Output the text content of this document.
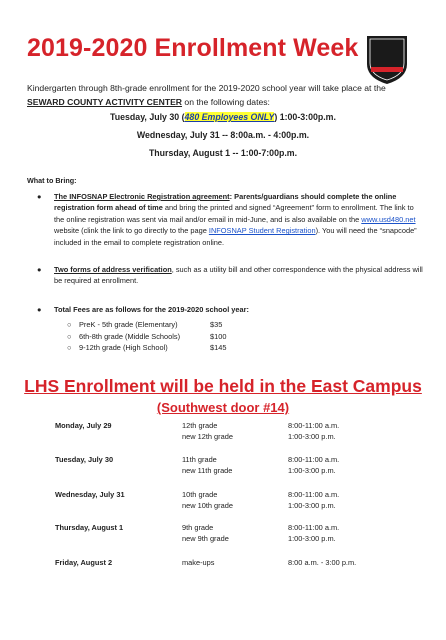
2019-2020 Enrollment Week
Kindergarten through 8th-grade enrollment for the 2019-2020 school year will take place at the SEWARD COUNTY ACTIVITY CENTER on the following dates:
Tuesday, July 30 (480 Employees ONLY) 1:00-3:00p.m.
Wednesday, July 31 -- 8:00a.m. - 4:00p.m.
Thursday, August 1 -- 1:00-7:00p.m.
What to Bring:
● The INFOSNAP Electronic Registration agreement: Parents/guardians should complete the online registration form ahead of time and bring the printed and signed “Agreement” form to enrollment. The link to the online registration was sent via mail and/or email in mid-June, and is also available on the www.usd480.net website (clink the link to go directly to the page INFOSNAP Student Registration). You will need the “snapcode” included in the email to complete registration online.
● Two forms of address verification, such as a utility bill and other correspondence with the physical address will be required at enrollment.
● Total Fees are as follows for the 2019-2020 school year:
○ PreK - 5th grade (Elementary)	$35
○ 6th-8th grade (Middle Schools)	$100
○ 9-12th grade (High School)	$145
LHS Enrollment will be held in the East Campus
(Southwest door #14)
Monday, July 29	12th grade	8:00-11:00 a.m.
new 12th grade	1:00-3:00 p.m.
Tuesday, July 30	11th grade	8:00-11:00 a.m.
new 11th grade	1:00-3:00 p.m.
Wednesday, July 31	10th grade	8:00-11:00 a.m.
new 10th grade	1:00-3:00 p.m.
Thursday, August 1	9th grade	8:00-11:00 a.m.
new 9th grade	1:00-3:00 p.m.
Friday, August 2	make-ups	8:00 a.m. - 3:00 p.m.
